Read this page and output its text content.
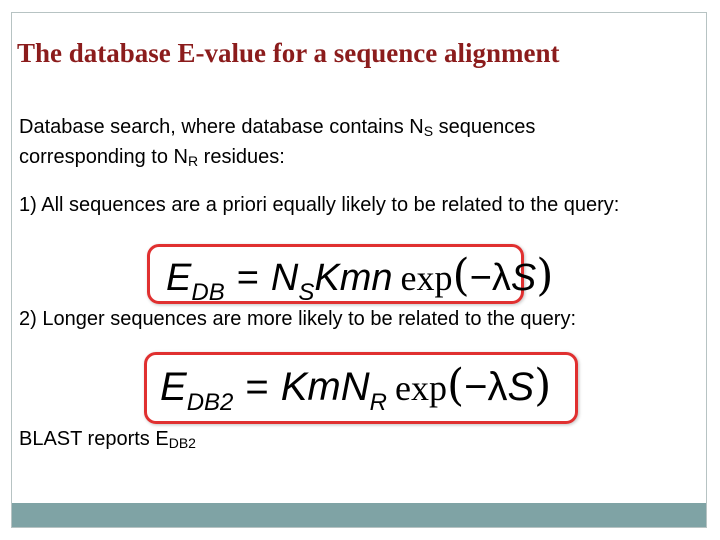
The database E-value for a sequence alignment
Database search, where database contains $N_S$ sequences
corresponding to $N_R$ residues:
1) All sequences are a priori equally likely to be related to the query:
E DB = N S Kmn exp ( − λ S )
2) Longer sequences are more likely to be related to the query:
E DB2 = KmN R exp ( − λ S )
BLAST reports $E_{DB2}$
